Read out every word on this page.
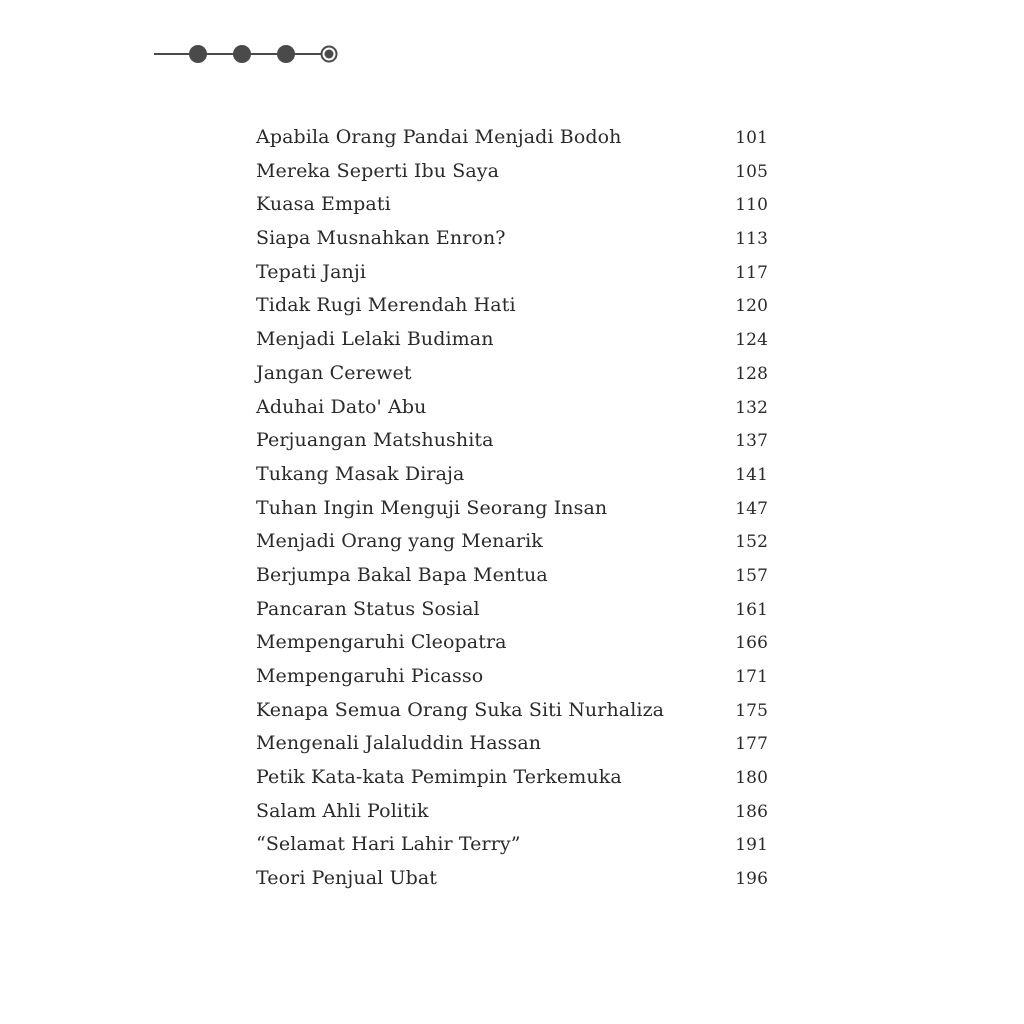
Apabila Orang Pandai Menjadi Bodoh	101
Mereka Seperti Ibu Saya	105
Kuasa Empati	110
Siapa Musnahkan Enron?	113
Tepati Janji	117
Tidak Rugi Merendah Hati	120
Menjadi Lelaki Budiman	124
Jangan Cerewet	128
Aduhai Dato' Abu	132
Perjuangan Matshushita	137
Tukang Masak Diraja	141
Tuhan Ingin Menguji Seorang Insan	147
Menjadi Orang yang Menarik	152
Berjumpa Bakal Bapa Mentua	157
Pancaran Status Sosial	161
Mempengaruhi Cleopatra	166
Mempengaruhi Picasso	171
Kenapa Semua Orang Suka Siti Nurhaliza	175
Mengenali Jalaluddin Hassan	177
Petik Kata-kata Pemimpin Terkemuka	180
Salam Ahli Politik	186
“Selamat Hari Lahir Terry”	191
Teori Penjual Ubat	196
